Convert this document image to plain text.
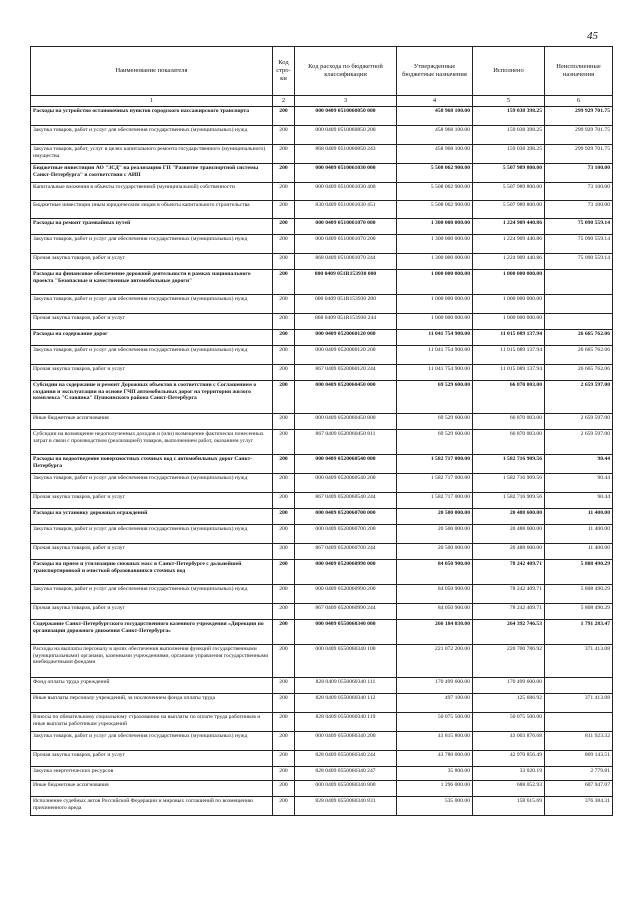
45
Наименование показателя	Код стро-ки	Код расхода по бюджетной классификации	Утвержденные бюджетные назначения	Исполнено	Неисполненные назначения
1	2	3	4	5	6
Расходы на устройство остановочных пунктов городского пассажирского транспорта	200	000 0409 0510060850 000	458 968 100.00	159 038 398.25	299 929 701.75
Закупка товаров, работ и услуг для обеспечения государственных (муниципальных) нужд	200	000 0409 0510060850 200	458 968 100.00	159 038 398.25	299 929 701.75
Закупка товаров, работ, услуг в целях капитального ремонта государственного (муниципального) имущества	200	868 0409 0510060850 243	458 968 100.00	159 038 398.25	299 929 701.75
Бюджетные инвестиции АО "ЗСД" на реализацию ГП "Развитие транспортной системы Санкт-Петербурга" в соответствии с АИП	200	000 0409 0510061030 000	5 508 062 900.00	5 507 989 800.00	73 100.00
Капитальные вложения в объекты государственной (муниципальной) собственности	200	000 0409 0510061030 400	5 508 062 900.00	5 507 989 800.00	73 100.00
Бюджетные инвестиции иным юридическим лицам в объекты капитального строительства	200	830 0409 0510061030 451	5 508 062 900.00	5 507 989 800.00	73 100.00
Расходы на ремонт трамвайных путей	200	000 0409 0510061070 000	1 300 000 000.00	1 224 909 440.86	75 090 559.14
Закупка товаров, работ и услуг для обеспечения государственных (муниципальных) нужд	200	000 0409 0510061070 200	1 300 000 000.00	1 224 909 440.86	75 090 559.14
Прочая закупка товаров, работ и услуг	200	868 0409 0510061070 244	1 300 000 000.00	1 224 909 440.86	75 090 559.14
Расходы на финансовое обеспечение дорожной деятельности в рамках национального проекта "Безопасные и качественные автомобильные дороги"	200	000 0409 051R153930 000	1 000 000 000.00	1 000 000 000.00	
Закупка товаров, работ и услуг для обеспечения государственных (муниципальных) нужд	200	000 0409 051R153930 200	1 000 000 000.00	1 000 000 000.00	
Прочая закупка товаров, работ и услуг	200	868 0409 051R153930 244	1 000 000 000.00	1 000 000 000.00	
Расходы на содержание дорог	200	000 0409 0520060120 000	11 041 754 900.00	11 015 089 137.94	26 665 762.06
Закупка товаров, работ и услуг для обеспечения государственных (муниципальных) нужд	200	000 0409 0520060120 200	11 041 754 900.00	11 015 089 137.94	26 665 762.06
Прочая закупка товаров, работ и услуг	200	867 0409 0520060120 244	11 041 754 900.00	11 015 089 137.94	26 665 762.06
Субсидии на содержание и ремонт Дорожных объектов в соответствии с Соглашением о создании и эксплуатации на основе ГЧП автомобильных дорог на территории жилого комплекса "Славянка" Пушкинского района Санкт-Петербурга	200	000 0409 0520060450 000	69 529 600.00	66 870 003.00	2 659 597.00
Иные бюджетные ассигнования	200	000 0409 0520060450 800	69 529 600.00	66 870 003.00	2 659 597.00
Субсидии на возмещение недополученных доходов и (или) возмещение фактически понесенных затрат в связи с производством (реализацией) товаров, выполнением работ, оказанием услуг	200	867 0409 0520060450 811	69 529 600.00	66 870 003.00	2 659 597.00
Расходы на водоотведение поверхностных сточных вод с автомобильных дорог Санкт-Петербурга	200	000 0409 0520060540 000	1 582 717 000.00	1 582 716 909.56	90.44
Закупка товаров, работ и услуг для обеспечения государственных (муниципальных) нужд	200	000 0409 0520060540 200	1 582 717 000.00	1 582 716 909.56	90.44
Прочая закупка товаров, работ и услуг	200	867 0409 0520060540 244	1 582 717 000.00	1 582 716 909.56	90.44
Расходы на установку дорожных ограждений	200	000 0409 0520060700 000	20 500 000.00	20 488 600.00	11 400.00
Закупка товаров, работ и услуг для обеспечения государственных (муниципальных) нужд	200	000 0409 0520060700 200	20 500 000.00	20 488 600.00	11 400.00
Прочая закупка товаров, работ и услуг	200	867 0409 0520060700 244	20 500 000.00	20 488 600.00	11 400.00
Расходы на прием и утилизацию снежных масс в Санкт-Петербурге с дальнейшей транспортировкой и очисткой образовавшихся сточных вод	200	000 0409 0520060990 000	84 050 900.00	78 242 409.71	5 808 490.29
Закупка товаров, работ и услуг для обеспечения государственных (муниципальных) нужд	200	000 0409 0520060990 200	84 050 900.00	78 242 409.71	5 808 490.29
Прочая закупка товаров, работ и услуг	200	867 0409 0520060990 244	84 050 900.00	78 242 409.71	5 808 490.29
Содержание Санкт-Петербургского государственного казенного учреждения «Дирекция по организации дорожного движения Санкт-Петербурга»	200	000 0409 0550060340 000	266 184 030.00	264 392 746.53	1 791 283.47
Расходы на выплаты персоналу в целях обеспечения выполнения функций государственными (муниципальными) органами, казенными учреждениями, органами управления государственными внебюджетными фондами	200	000 0409 0550060340 100	221 072 200.00	220 700 786.92	371 413.08
Фонд оплаты труда учреждений	200	828 0409 0550060340 111	170 499 600.00	170 499 600.00	
Иные выплаты персоналу учреждений, за исключением фонда оплаты труда	200	828 0409 0550060340 112	497 100.00	125 686.92	371 413.08
Взносы по обязательному социальному страхованию на выплаты по оплате труда работников и иные выплаты работникам учреждений	200	828 0409 0550060340 119	50 075 500.00	50 075 500.00	
Закупка товаров, работ и услуг для обеспечения государственных (муниципальных) нужд	200	000 0409 0550060340 200	43 815 800.00	43 003 876.68	811 923.32
Прочая закупка товаров, работ и услуг	200	828 0409 0550060340 244	43 780 000.00	42 970 856.49	809 143.51
Закупка энергетических ресурсов	200	828 0409 0550060340 247	35 800.00	33 020.19	2 779.81
Иные бюджетные ассигнования	200	000 0409 0550060340 800	1 296 000.00	688 052.93	607 947.07
Исполнение судебных актов Российской Федерации и мировых соглашений по возмещению причиненного вреда	200	828 0409 0550060340 831	535 000.00	158 615.69	376 384.31
